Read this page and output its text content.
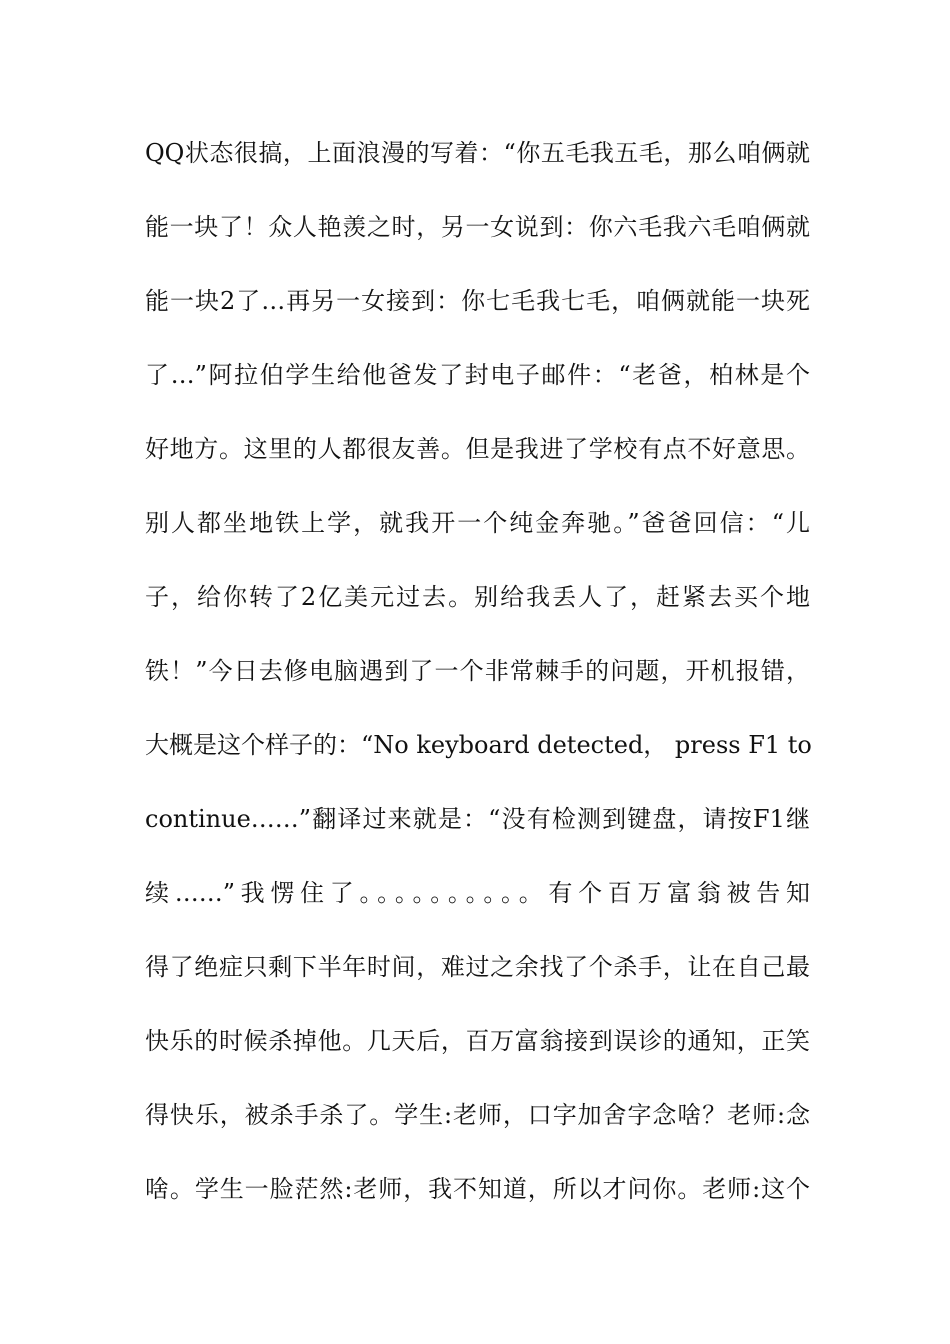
QQ状态很搞，上面浪漫的写着：“你五毛我五毛，那么咱俩就
能一块了！众人艳羡之时，另一女说到：你六毛我六毛咱俩就
能一块2了…再另一女接到：你七毛我七毛，咱俩就能一块死
了…”阿拉伯学生给他爸发了封电子邮件：“老爸，柏林是个
好地方。这里的人都很友善。但是我进了学校有点不好意思。
别人都坐地铁上学，就我开一个纯金奔驰。”爸爸回信：“儿
子，给你转了2亿美元过去。别给我丢人了，赶紧去买个地
铁！”今日去修电脑遇到了一个非常棘手的问题，开机报错，
大概是这个样子的：“No keyboard detected， press F1 to
continue……”翻译过来就是：“没有检测到键盘，请按F1继
续……”我愣住了。。。。。。。。。。有个百万富翁被告知
得了绝症只剩下半年时间，难过之余找了个杀手，让在自己最
快乐的时候杀掉他。几天后，百万富翁接到误诊的通知，正笑
得快乐，被杀手杀了。学生:老师，口字加舍字念啥？老师:念
啥。学生一脸茫然:老师，我不知道，所以才问你。老师:这个
